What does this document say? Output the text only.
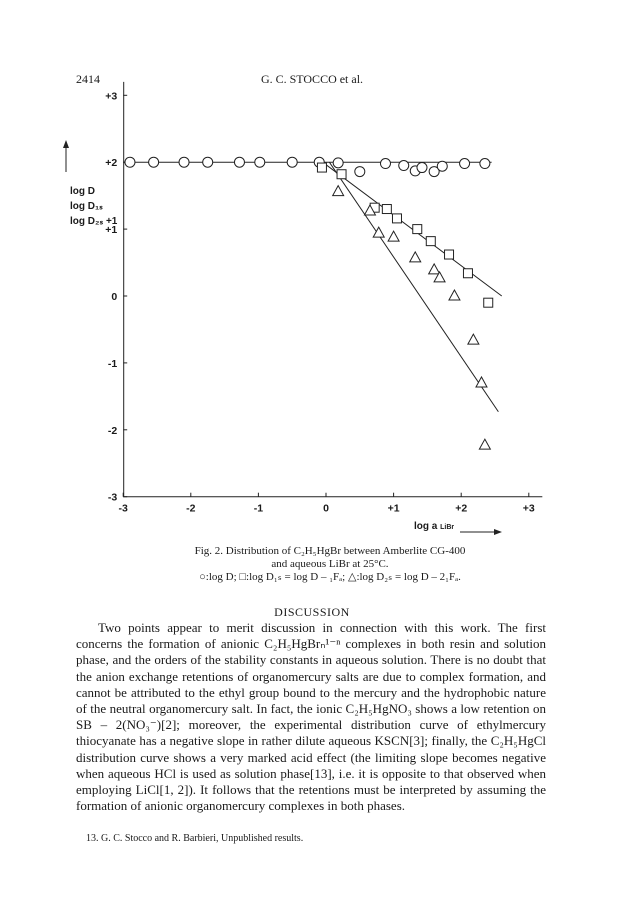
2414	G. C. STOCCO et al.
-3	-2	-1	0	+1	+2	+3
-3
-2
-1
0
+1
+2
+3
log D
log D₁ₛ
log D₂ₛ +1
log a LiBr
Fig. 2. Distribution of C₂H₅HgBr between Amberlite CG-400
and aqueous LiBr at 25°C.
○:log D; □:log D₁ₛ = log D – ₁Fₐ; △:log D₂ₛ = log D – 2₁Fₐ.
DISCUSSION

Two points appear to merit discussion in connection with this work. The first concerns the formation of anionic C₂H₅HgBrₙ¹⁻ⁿ complexes in both resin and solution phase, and the orders of the stability constants in aqueous solution. There is no doubt that the anion exchange retentions of organomercury salts are due to complex formation, and cannot be attributed to the ethyl group bound to the mercury and the hydrophobic nature of the neutral organomercury salt. In fact, the ionic C₂H₅HgNO₃ shows a low retention on SB – 2(NO₃⁻)[2]; moreover, the experimental distribution curve of ethylmercury thiocyanate has a negative slope in rather dilute aqueous KSCN[3]; finally, the C₂H₅HgCl distribution curve shows a very marked acid effect (the limiting slope becomes negative when aqueous HCl is used as solution phase[13], i.e. it is opposite to that observed when employing LiCl[1, 2]). It follows that the retentions must be interpreted by assuming the formation of anionic organomercury complexes in both phases.

13. G. C. Stocco and R. Barbieri, Unpublished results.
